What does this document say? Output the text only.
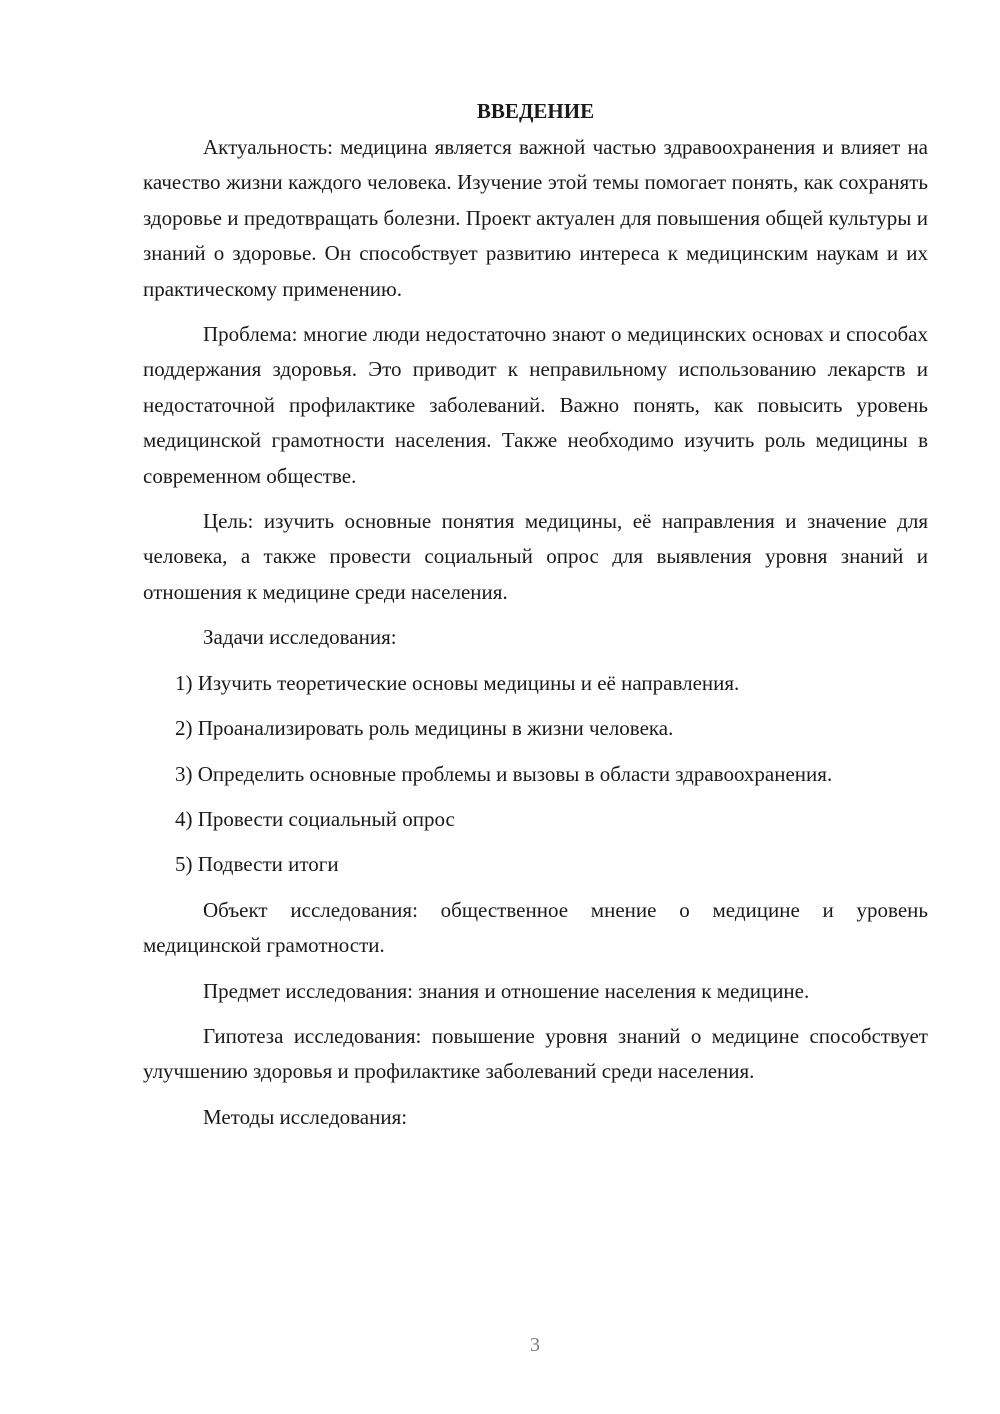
ВВЕДЕНИЕ

Актуальность: медицина является важной частью здравоохранения и влияет на качество жизни каждого человека. Изучение этой темы помогает понять, как сохранять здоровье и предотвращать болезни. Проект актуален для повышения общей культуры и знаний о здоровье. Он способствует развитию интереса к медицинским наукам и их практическому применению.

Проблема: многие люди недостаточно знают о медицинских основах и способах поддержания здоровья. Это приводит к неправильному использованию лекарств и недостаточной профилактике заболеваний. Важно понять, как повысить уровень медицинской грамотности населения. Также необходимо изучить роль медицины в современном обществе.

Цель: изучить основные понятия медицины, её направления и значение для человека, а также провести социальный опрос для выявления уровня знаний и отношения к медицине среди населения.

Задачи исследования:

1) Изучить теоретические основы медицины и её направления.

2) Проанализировать роль медицины в жизни человека.

3) Определить основные проблемы и вызовы в области здравоохранения.

4) Провести социальный опрос

5) Подвести итоги

Объект исследования: общественное мнение о медицине и уровень медицинской грамотности.

Предмет исследования: знания и отношение населения к медицине.

Гипотеза исследования: повышение уровня знаний о медицине способствует улучшению здоровья и профилактике заболеваний среди населения.

Методы исследования:

3
